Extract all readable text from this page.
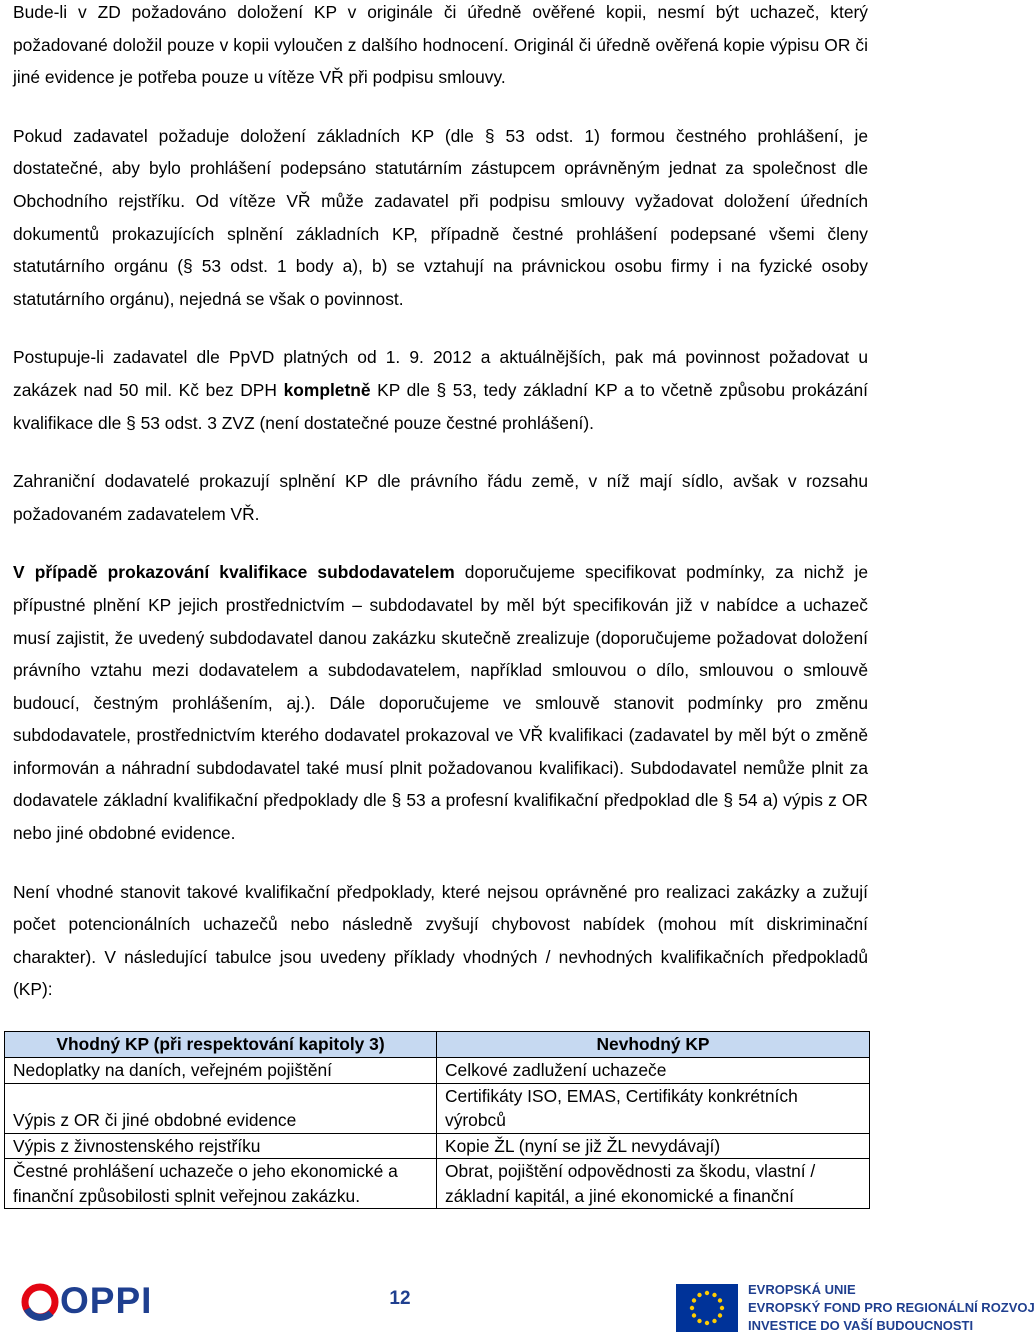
Bude-li v ZD požadováno doložení KP v originále či úředně ověřené kopii, nesmí být uchazeč, který požadované doložil pouze v kopii vyloučen z dalšího hodnocení. Originál či úředně ověřená kopie výpisu OR či jiné evidence je potřeba pouze u vítěze VŘ při podpisu smlouvy.

Pokud zadavatel požaduje doložení základních KP (dle § 53 odst. 1) formou čestného prohlášení, je dostatečné, aby bylo prohlášení podepsáno statutárním zástupcem oprávněným jednat za společnost dle Obchodního rejstříku. Od vítěze VŘ může zadavatel při podpisu smlouvy vyžadovat doložení úředních dokumentů prokazujících splnění základních KP, případně čestné prohlášení podepsané všemi členy statutárního orgánu (§ 53 odst. 1 body a), b) se vztahují na právnickou osobu firmy i na fyzické osoby statutárního orgánu), nejedná se však o povinnost.

Postupuje-li zadavatel dle PpVD platných od 1. 9. 2012 a aktuálnějších, pak má povinnost požadovat u zakázek nad 50 mil. Kč bez DPH kompletně KP dle § 53, tedy základní KP a to včetně způsobu prokázání kvalifikace dle § 53 odst. 3 ZVZ (není dostatečné pouze čestné prohlášení).

Zahraniční dodavatelé prokazují splnění KP dle právního řádu země, v níž mají sídlo, avšak v rozsahu požadovaném zadavatelem VŘ.

V případě prokazování kvalifikace subdodavatelem doporučujeme specifikovat podmínky, za nichž je přípustné plnění KP jejich prostřednictvím – subdodavatel by měl být specifikován již v nabídce a uchazeč musí zajistit, že uvedený subdodavatel danou zakázku skutečně zrealizuje (doporučujeme požadovat doložení právního vztahu mezi dodavatelem a subdodavatelem, například smlouvou o dílo, smlouvou o smlouvě budoucí, čestným prohlášením, aj.). Dále doporučujeme ve smlouvě stanovit podmínky pro změnu subdodavatele, prostřednictvím kterého dodavatel prokazoval ve VŘ kvalifikaci (zadavatel by měl být o změně informován a náhradní subdodavatel také musí plnit požadovanou kvalifikaci). Subdodavatel nemůže plnit za dodavatele základní kvalifikační předpoklady dle § 53 a profesní kvalifikační předpoklad dle § 54 a) výpis z OR nebo jiné obdobné evidence.

Není vhodné stanovit takové kvalifikační předpoklady, které nejsou oprávněné pro realizaci zakázky a zužují počet potencionálních uchazečů nebo následně zvyšují chybovost nabídek (mohou mít diskriminační charakter). V následující tabulce jsou uvedeny příklady vhodných / nevhodných kvalifikačních předpokladů (KP):

Vhodný KP (při respektování kapitoly 3)	Nevhodný KP
Nedoplatky na daních, veřejném pojištění	Celkové zadlužení uchazeče
Výpis z OR či jiné obdobné evidence	Certifikáty ISO, EMAS, Certifikáty konkrétních výrobců
Výpis z živnostenského rejstříku	Kopie ŽL (nyní se již ŽL nevydávají)
Čestné prohlášení uchazeče o jeho ekonomické a finanční způsobilosti splnit veřejnou zakázku.	Obrat, pojištění odpovědnosti za škodu, vlastní / základní kapitál, a jiné ekonomické a finanční
OPPI	12	EVROPSKÁ UNIE
EVROPSKÝ FOND PRO REGIONÁLNÍ ROZVOJ
INVESTICE DO VAŠÍ BUDOUCNOSTI
